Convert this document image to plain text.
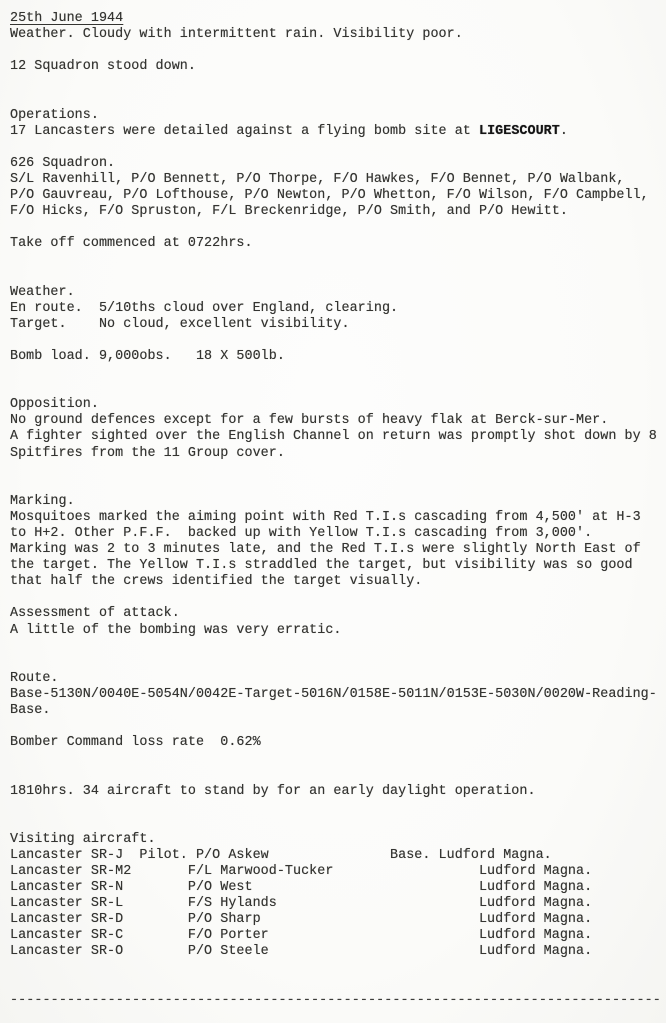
25th June 1944
Weather. Cloudy with intermittent rain. Visibility poor.
12 Squadron stood down.
Operations.
17 Lancasters were detailed against a flying bomb site at LIGESCOURT.
626 Squadron.
S/L Ravenhill, P/O Bennett, P/O Thorpe, F/O Hawkes, F/O Bennet, P/O Walbank,
P/O Gauvreau, P/O Lofthouse, P/O Newton, P/O Whetton, F/O Wilson, F/O Campbell,
F/O Hicks, F/O Spruston, F/L Breckenridge, P/O Smith, and P/O Hewitt.
Take off commenced at 0722hrs.
Weather.
En route.  5/10ths cloud over England, clearing.
Target.    No cloud, excellent visibility.
Bomb load. 9,000obs.   18 X 500lb.
Opposition.
No ground defences except for a few bursts of heavy flak at Berck-sur-Mer.
A fighter sighted over the English Channel on return was promptly shot down by 8
Spitfires from the 11 Group cover.
Marking.
Mosquitoes marked the aiming point with Red T.I.s cascading from 4,500' at H-3
to H+2. Other P.F.F.  backed up with Yellow T.I.s cascading from 3,000'.
Marking was 2 to 3 minutes late, and the Red T.I.s were slightly North East of
the target. The Yellow T.I.s straddled the target, but visibility was so good
that half the crews identified the target visually.
Assessment of attack.
A little of the bombing was very erratic.
Route.
Base-5130N/0040E-5054N/0042E-Target-5016N/0158E-5011N/0153E-5030N/0020W-Reading-
Base.
Bomber Command loss rate  0.62%
1810hrs. 34 aircraft to stand by for an early daylight operation.
Visiting aircraft.
Lancaster SR-J  Pilot. P/O Askew               Base. Ludford Magna.
Lancaster SR-M2       F/L Marwood-Tucker                  Ludford Magna.
Lancaster SR-N        P/O West                            Ludford Magna.
Lancaster SR-L        F/S Hylands                         Ludford Magna.
Lancaster SR-D        P/O Sharp                           Ludford Magna.
Lancaster SR-C        F/O Porter                          Ludford Magna.
Lancaster SR-O        P/O Steele                          Ludford Magna.
--------------------------------------------------------------------------------
